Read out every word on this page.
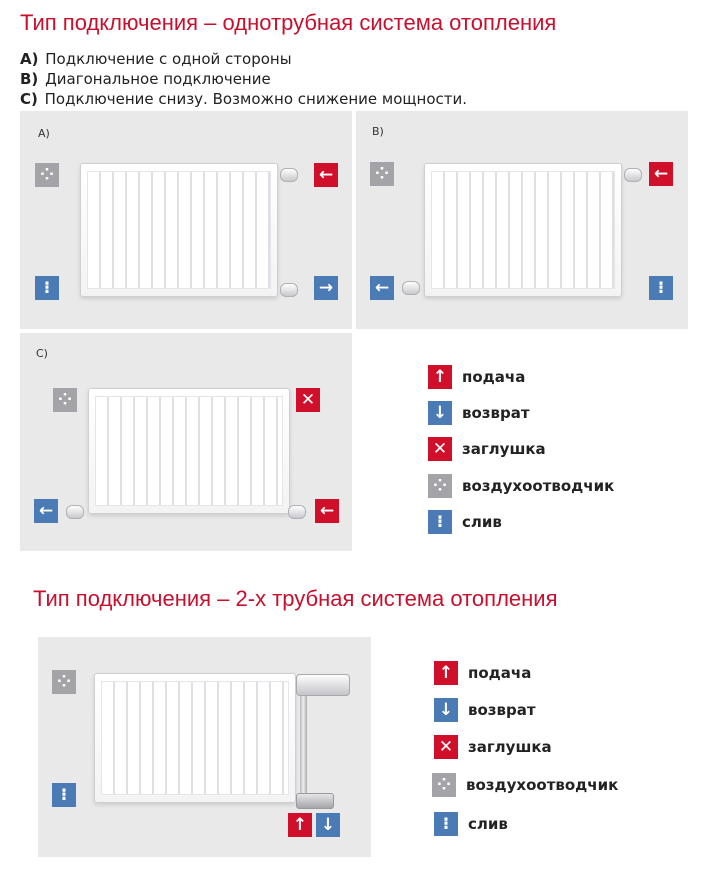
Тип подключения – однотрубная система отопления
A) Подключение с одной стороны
B) Диагональное подключение
C) Подключение снизу. Возможно снижение мощности.
A)
⁘	←
⁝	→
B)
⁘	←
←	⁝
C)
⁘	✕
←	←
↑ подача
↓ возврат
✕ заглушка
⁘ воздухоотводчик
⁝	слив
Тип подключения – 2-х трубная система отопления
⁘
⁝
↑ ↓
↑ подача
↓ возврат
✕ заглушка
⁘ воздухоотводчик
⁝	слив
